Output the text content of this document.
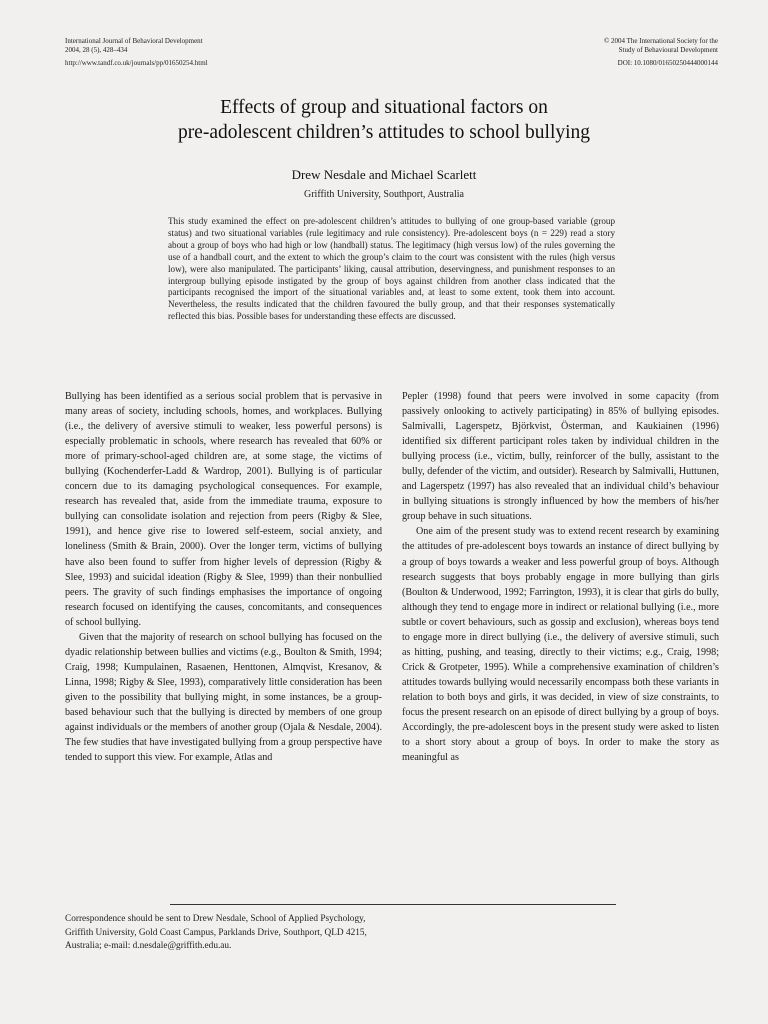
International Journal of Behavioral Development
2004, 28 (5), 428–434
http://www.tandf.co.uk/journals/pp/01650254.html
© 2004 The International Society for the
Study of Behavioural Development
DOI: 10.1080/01650250444000144
Effects of group and situational factors on
pre-adolescent children’s attitudes to school bullying
Drew Nesdale and Michael Scarlett
Griffith University, Southport, Australia
This study examined the effect on pre-adolescent children’s attitudes to bullying of one group-based variable (group status) and two situational variables (rule legitimacy and rule consistency). Pre-adolescent boys (n = 229) read a story about a group of boys who had high or low (handball) status. The legitimacy (high versus low) of the rules governing the use of a handball court, and the extent to which the group’s claim to the court was consistent with the rules (high versus low), were also manipulated. The participants’ liking, causal attribution, deservingness, and punishment responses to an intergroup bullying episode instigated by the group of boys against children from another class indicated that the participants recognised the import of the situational variables and, at least to some extent, took them into account. Nevertheless, the results indicated that the children favoured the bully group, and that their responses systematically reflected this bias. Possible bases for understanding these effects are discussed.

Bullying has been identified as a serious social problem that is pervasive in many areas of society, including schools, homes, and workplaces. Bullying (i.e., the delivery of aversive stimuli to weaker, less powerful persons) is especially problematic in schools, where research has revealed that 60% or more of primary-school-aged children are, at some stage, the victims of bullying (Kochenderfer-Ladd & Wardrop, 2001). Bullying is of particular concern due to its damaging psychological consequences. For example, research has revealed that, aside from the immediate trauma, exposure to bullying can consolidate isolation and rejection from peers (Rigby & Slee, 1991), and hence give rise to lowered self-esteem, social anxiety, and loneliness (Smith & Brain, 2000). Over the longer term, victims of bullying have also been found to suffer from higher levels of depression (Rigby & Slee, 1993) and suicidal ideation (Rigby & Slee, 1999) than their nonbullied peers. The gravity of such findings emphasises the importance of ongoing research focused on identifying the causes, concomitants, and consequences of school bullying.

Given that the majority of research on school bullying has focused on the dyadic relationship between bullies and victims (e.g., Boulton & Smith, 1994; Craig, 1998; Kumpulainen, Rasaenen, Henttonen, Almqvist, Kresanov, & Linna, 1998; Rigby & Slee, 1993), comparatively little consideration has been given to the possibility that bullying might, in some instances, be a group-based behaviour such that the bullying is directed by members of one group against individuals or the members of another group (Ojala & Nesdale, 2004). The few studies that have investigated bullying from a group perspective have tended to support this view. For example, Atlas and

Pepler (1998) found that peers were involved in some capacity (from passively onlooking to actively participating) in 85% of bullying episodes. Salmivalli, Lagerspetz, Björkvist, Österman, and Kaukiainen (1996) identified six different participant roles taken by individual children in the bullying process (i.e., victim, bully, reinforcer of the bully, assistant to the bully, defender of the victim, and outsider). Research by Salmivalli, Huttunen, and Lagerspetz (1997) has also revealed that an individual child’s behaviour in bullying situations is strongly influenced by how the members of his/her group behave in such situations.

One aim of the present study was to extend recent research by examining the attitudes of pre-adolescent boys towards an instance of direct bullying by a group of boys towards a weaker and less powerful group of boys. Although research suggests that boys probably engage in more bullying than girls (Boulton & Underwood, 1992; Farrington, 1993), it is clear that girls do bully, although they tend to engage more in indirect or relational bullying (i.e., more subtle or covert behaviours, such as gossip and exclusion), whereas boys tend to engage more in direct bullying (i.e., the delivery of aversive stimuli, such as hitting, pushing, and teasing, directly to their victims; e.g., Craig, 1998; Crick & Grotpeter, 1995). While a comprehensive examination of children’s attitudes towards bullying would necessarily encompass both these variants in relation to both boys and girls, it was decided, in view of size constraints, to focus the present research on an episode of direct bullying by a group of boys. Accordingly, the pre-adolescent boys in the present study were asked to listen to a short story about a group of boys. In order to make the story as meaningful as

Correspondence should be sent to Drew Nesdale, School of Applied Psychology, Griffith University, Gold Coast Campus, Parklands Drive, Southport, QLD 4215, Australia; e-mail: d.nesdale@griffith.edu.au.
